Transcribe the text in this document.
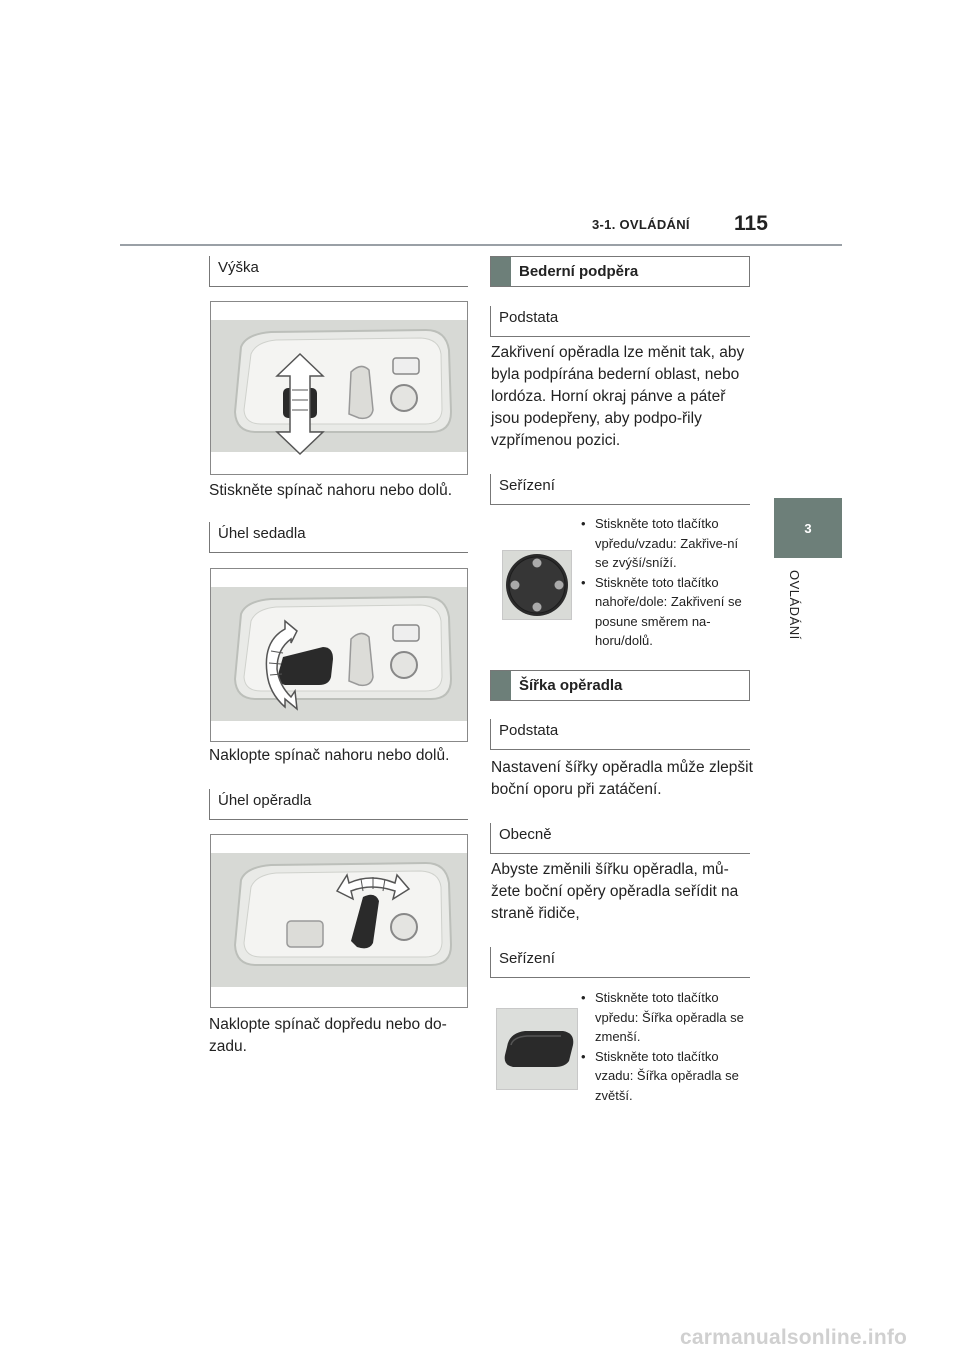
3-1. OVLÁDÁNÍ 115
3
OVLÁDÁNÍ
Výška
Stiskněte spínač nahoru nebo dolů.
Úhel sedadla
Naklopte spínač nahoru nebo dolů.
Úhel opěradla
Naklopte spínač dopředu nebo do-
zadu.
Bederní podpěra
Podstata
Zakřivení opěradla lze měnit tak, aby byla podpírána bederní oblast, nebo lordóza. Horní okraj pánve a páteř jsou podepřeny, aby podpo-řily vzpřímenou pozici.
Seřízení
• Stiskněte toto tlačítko vpředu/vzadu: Zakřive-ní se zvýší/sníží.
• Stiskněte toto tlačítko nahoře/dole: Zakřivení se posune směrem na-horu/dolů.
Šířka opěradla
Podstata
Nastavení šířky opěradla může zlepšit boční oporu při zatáčení.
Obecně
Abyste změnili šířku opěradla, mů-žete boční opěry opěradla seřídit na straně řidiče,
Seřízení
• Stiskněte toto tlačítko vpředu: Šířka opěradla se zmenší.
• Stiskněte toto tlačítko vzadu: Šířka opěradla se zvětší.
carmanualsonline.info
